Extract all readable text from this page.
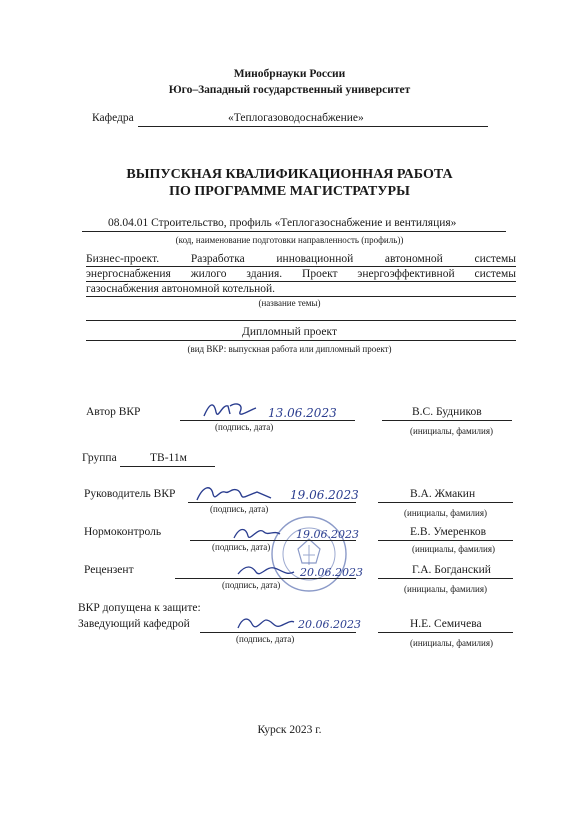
Минобрнауки России
Юго–Западный государственный университет
Кафедра	«Теплогазоводоснабжение»
ВЫПУСКНАЯ КВАЛИФИКАЦИОННАЯ РАБОТА
ПО ПРОГРАММЕ МАГИСТРАТУРЫ
08.04.01 Строительство, профиль «Теплогазоснабжение и вентиляция»
(код, наименование подготовки направленность (профиль))
Бизнес-проект. Разработка инновационной автономной системы
энергоснабжения жилого здания. Проект энергоэффективной системы
газоснабжения автономной котельной.
(название темы)
Дипломный проект
(вид ВКР: выпускная работа или дипломный проект)
Автор ВКР	13.06.2023
(подпись, дата)
В.С. Будников
(инициалы, фамилия)
Группа	ТВ-11м
Руководитель ВКР	19.06.2023
(подпись, дата)
В.А. Жмакин
(инициалы, фамилия)
Нормоконтроль	19.06.2023
(подпись, дата)
Е.В. Умеренков
(инициалы, фамилия)
Рецензент	20.06.2023
(подпись, дата)
Г.А. Богданский
(инициалы, фамилия)
ВКР допущена к защите:
Заведующий кафедрой	20.06.2023
(подпись, дата)
Н.Е. Семичева
(инициалы, фамилия)
Курск 2023 г.
